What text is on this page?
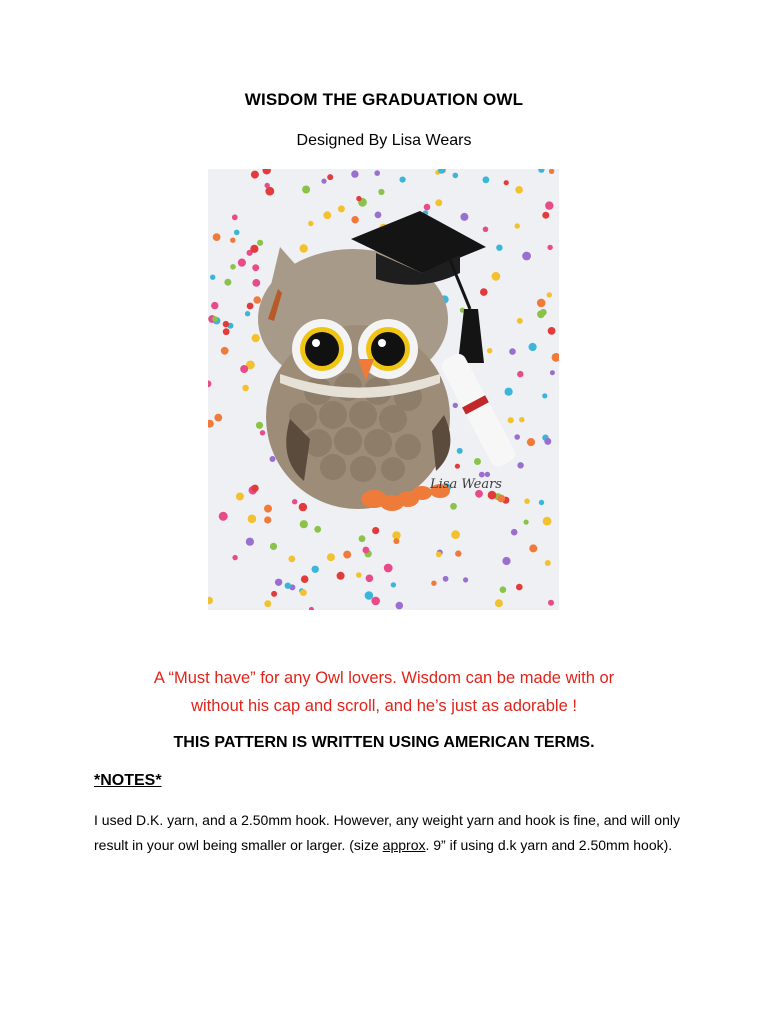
WISDOM THE GRADUATION OWL
Designed By Lisa Wears
Lisa Wears
A “Must have” for any Owl lovers. Wisdom can be made with or
without his cap and scroll, and he’s just as adorable !
THIS PATTERN IS WRITTEN USING AMERICAN TERMS.
*NOTES*
I used D.K. yarn, and a 2.50mm hook. However, any weight yarn and hook is fine, and will only result in your owl being smaller or larger. (size approx. 9” if using d.k yarn and 2.50mm hook).
